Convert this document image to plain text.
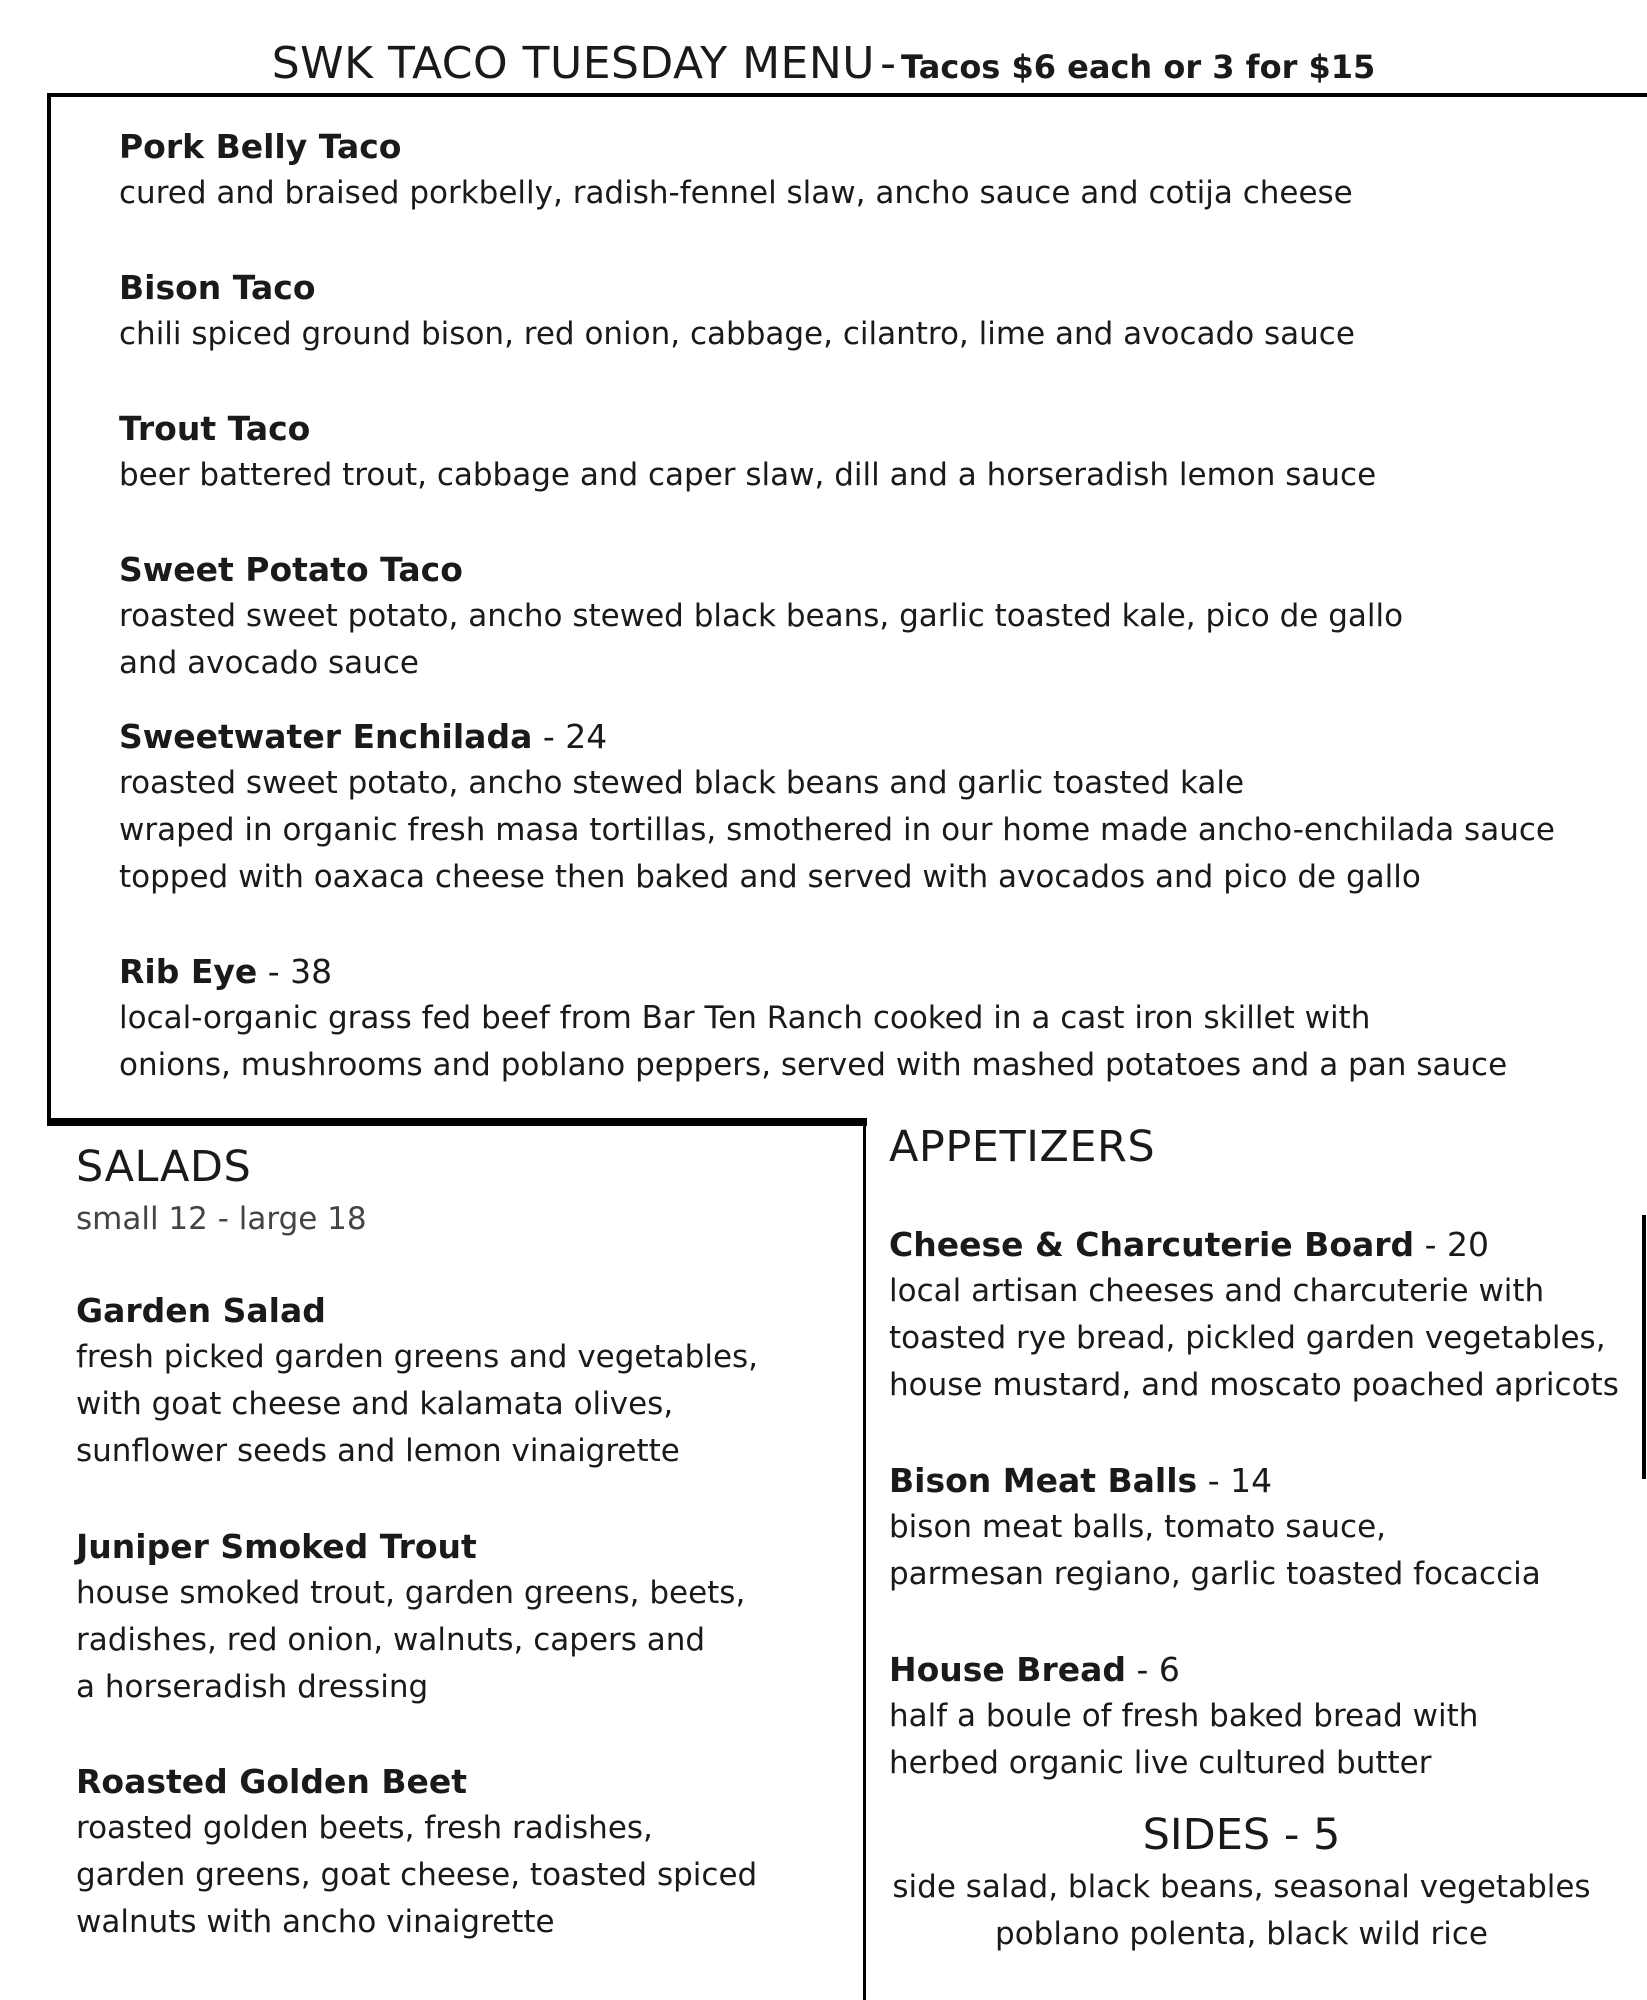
SWK TACO TUESDAY MENU - Tacos $6 each or 3 for $15
Pork Belly Taco
cured and braised porkbelly, radish-fennel slaw, ancho sauce and cotija cheese
Bison Taco
chili spiced ground bison, red onion, cabbage, cilantro, lime and avocado sauce
Trout Taco
beer battered trout, cabbage and caper slaw, dill and a horseradish lemon sauce
Sweet Potato Taco
roasted sweet potato, ancho stewed black beans, garlic toasted kale, pico de gallo
and avocado sauce
Sweetwater Enchilada - 24
roasted sweet potato, ancho stewed black beans and garlic toasted kale
wraped in organic fresh masa tortillas, smothered in our home made ancho-enchilada sauce
topped with oaxaca cheese then baked and served with avocados and pico de gallo
Rib Eye - 38
local-organic grass fed beef from Bar Ten Ranch cooked in a cast iron skillet with
onions, mushrooms and poblano peppers, served with mashed potatoes and a pan sauce
SALADS
small 12 - large 18
Garden Salad
fresh picked garden greens and vegetables,
with goat cheese and kalamata olives,
sunflower seeds and lemon vinaigrette
Juniper Smoked Trout
house smoked trout, garden greens, beets,
radishes, red onion, walnuts, capers and
a horseradish dressing
Roasted Golden Beet
roasted golden beets, fresh radishes,
garden greens, goat cheese, toasted spiced
walnuts with ancho vinaigrette
APPETIZERS
Cheese & Charcuterie Board - 20
local artisan cheeses and charcuterie with
toasted rye bread, pickled garden vegetables,
house mustard, and moscato poached apricots
Bison Meat Balls - 14
bison meat balls, tomato sauce,
parmesan regiano, garlic toasted focaccia
House Bread - 6
half a boule of fresh baked bread with
herbed organic live cultured butter
SIDES - 5
side salad, black beans, seasonal vegetables
poblano polenta, black wild rice
